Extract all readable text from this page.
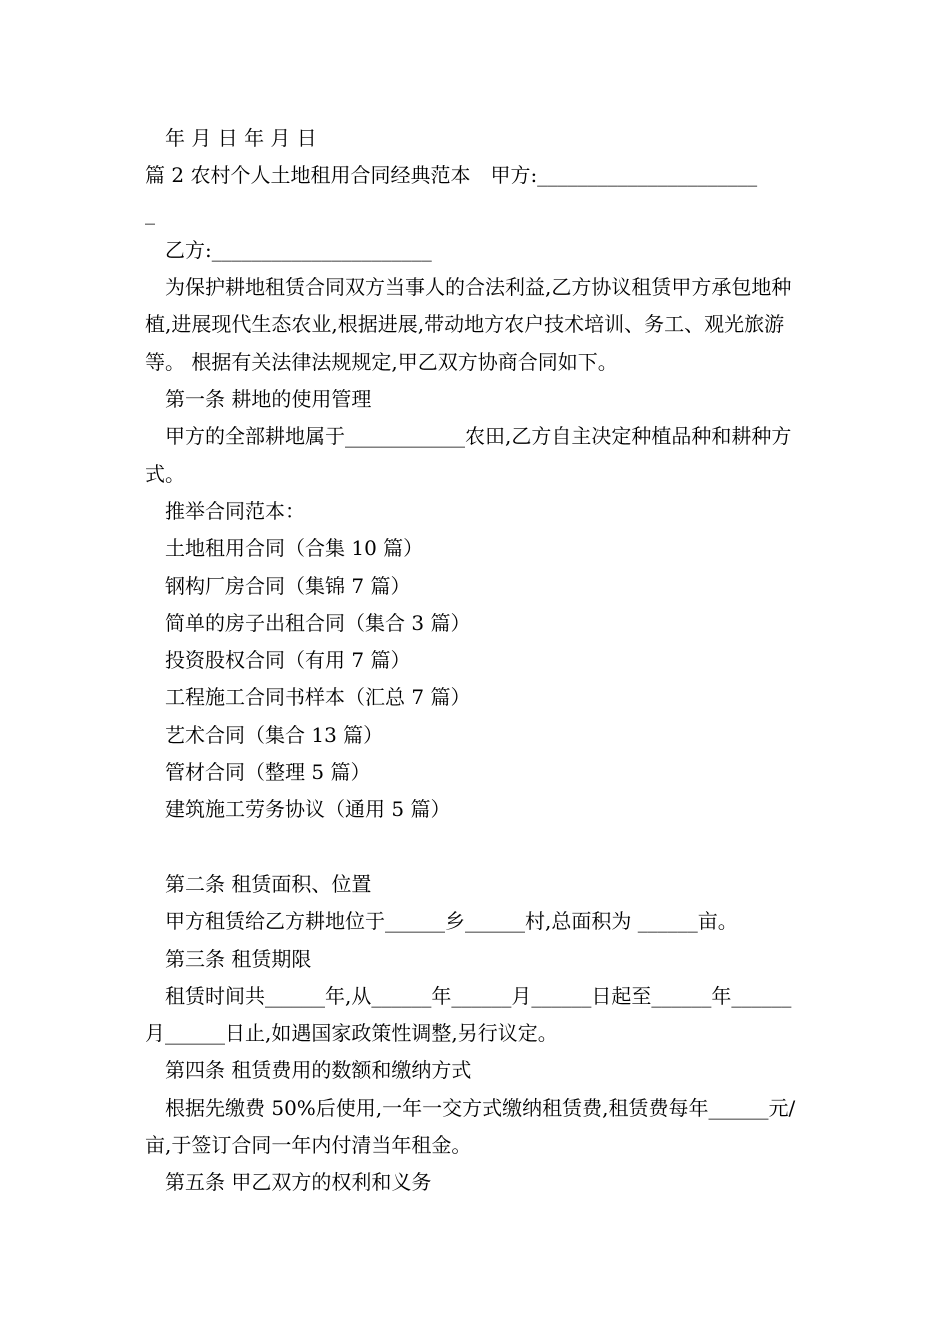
年 月 日 年 月 日
篇 2 农村个人土地租用合同经典范本　甲方:______________________
_
乙方:______________________
为保护耕地租赁合同双方当事人的合法利益,乙方协议租赁甲方承包地种 植,进展现代生态农业,根据进展,带动地方农户技术培训、务工、观光旅游等。 根据有关法律法规规定,甲乙双方协商合同如下。
第一条 耕地的使用管理
甲方的全部耕地属于____________农田,乙方自主决定种植品种和耕种方式。
推举合同范本：
土地租用合同（合集 10 篇）
钢构厂房合同（集锦 7 篇）
简单的房子出租合同（集合 3 篇）
投资股权合同（有用 7 篇）
工程施工合同书样本（汇总 7 篇）
艺术合同（集合 13 篇）
管材合同（整理 5 篇）
建筑施工劳务协议（通用 5 篇）
第二条 租赁面积、位置
甲方租赁给乙方耕地位于______乡______村,总面积为 ______亩。
第三条 租赁期限
租赁时间共______年,从______年______月______日起至______年______月______日止,如遇国家政策性调整,另行议定。
第四条 租赁费用的数额和缴纳方式
根据先缴费 50%后使用,一年一交方式缴纳租赁费,租赁费每年______元/亩,于签订合同一年内付清当年租金。
第五条 甲乙双方的权利和义务
